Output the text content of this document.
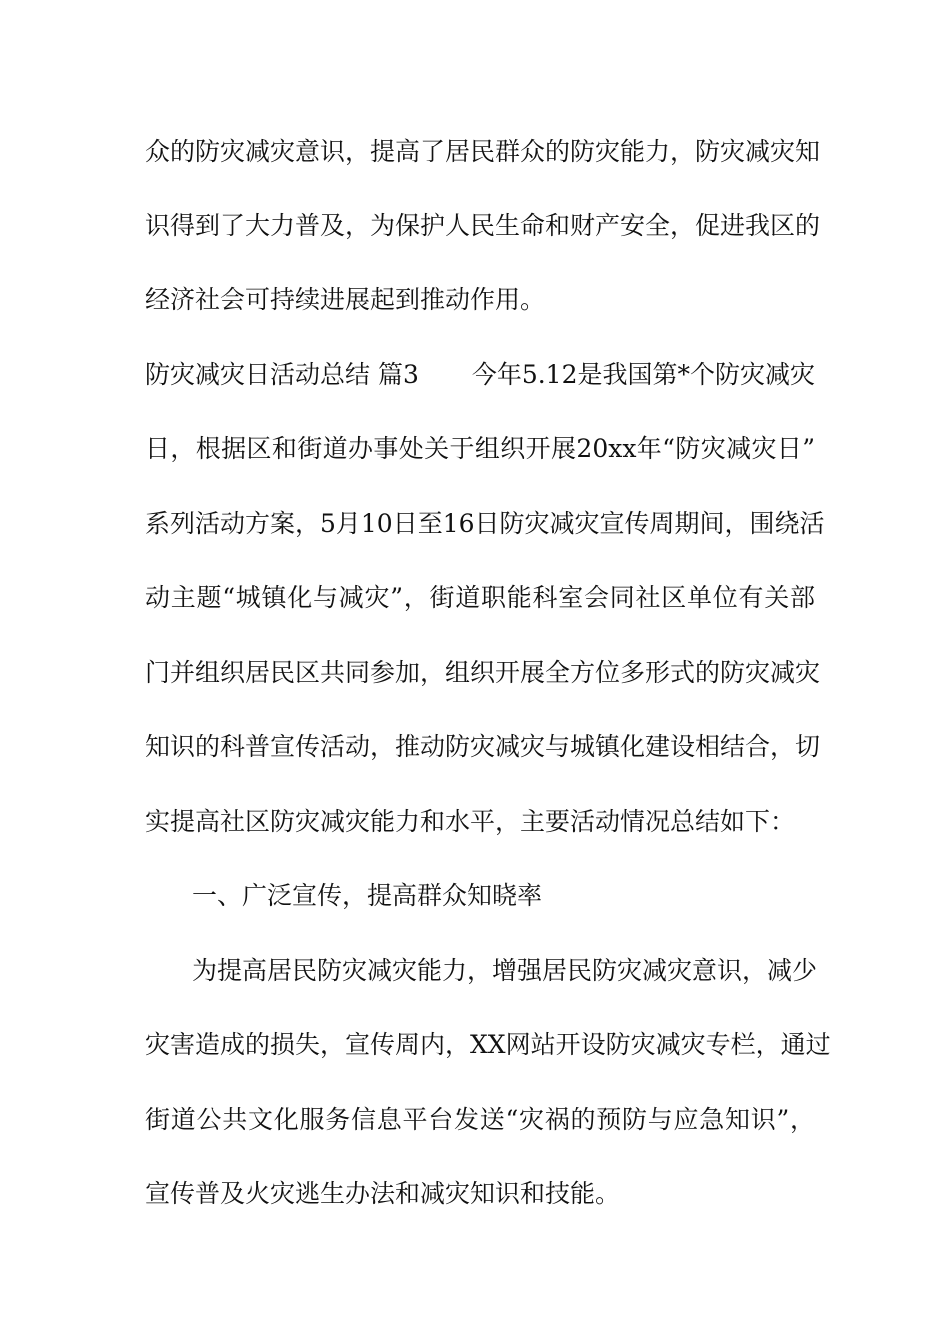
众的防灾减灾意识，提高了居民群众的防灾能力，防灾减灾知
识得到了大力普及，为保护人民生命和财产安全，促进我区的
经济社会可持续进展起到推动作用。
防灾减灾日活动总结 篇3 今年5.12是我国第*个防灾减灾
日，根据区和街道办事处关于组织开展20xx年“防灾减灾日”
系列活动方案，5月10日至16日防灾减灾宣传周期间，围绕活
动主题“城镇化与减灾”，街道职能科室会同社区单位有关部
门并组织居民区共同参加，组织开展全方位多形式的防灾减灾
知识的科普宣传活动，推动防灾减灾与城镇化建设相结合，切
实提高社区防灾减灾能力和水平，主要活动情况总结如下：
一、广泛宣传，提高群众知晓率
为提高居民防灾减灾能力，增强居民防灾减灾意识，减少
灾害造成的损失，宣传周内，XX网站开设防灾减灾专栏，通过
街道公共文化服务信息平台发送“灾祸的预防与应急知识”，
宣传普及火灾逃生办法和减灾知识和技能。
